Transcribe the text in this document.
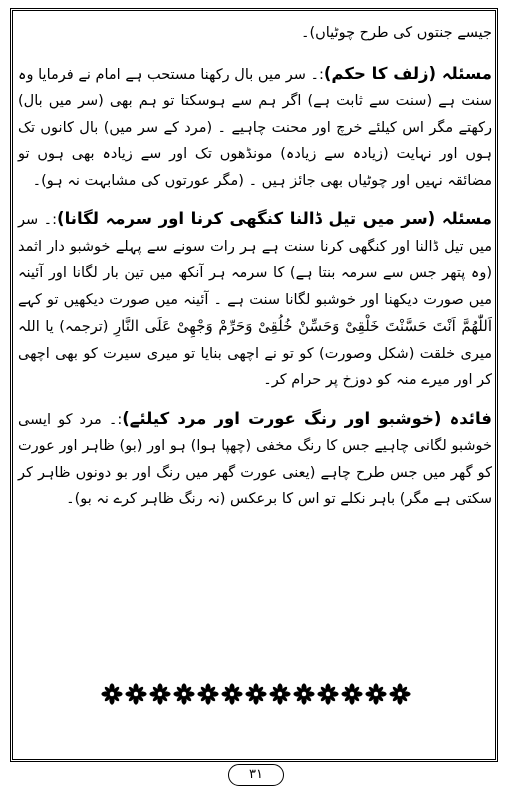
جیسے جنتوں کی طرح چوٹیاں)۔

مسئلہ (زلف کا حکم):۔ سر میں بال رکھنا مستحب ہے امام نے فرمایا وہ سنت ہے (سنت سے ثابت ہے) اگر ہم سے ہوسکتا تو ہم بھی (سر میں بال) رکھتے مگر اس کیلئے خرچ اور محنت چاہیے ۔ (مرد کے سر میں) بال کانوں تک ہوں اور نہایت (زیادہ سے زیادہ) مونڈھوں تک اور سے زیادہ بھی ہوں تو مضائقہ نہیں اور چوٹیاں بھی جائز ہیں ۔ (مگر عورتوں کی مشابہت نہ ہو)۔

مسئلہ (سر میں تیل ڈالنا کنگھی کرنا اور سرمہ لگانا):۔ سر میں تیل ڈالنا اور کنگھی کرنا سنت ہے ہر رات سونے سے پہلے خوشبو دار اثمد (وہ پتھر جس سے سرمہ بنتا ہے) کا سرمہ ہر آنکھ میں تین بار لگانا اور آئینہ میں صورت دیکھنا اور خوشبو لگانا سنت ہے ۔ آئینہ میں صورت دیکھیں تو کہے اَللّٰھُمَّ اَنْتَ حَسَّنْتَ خَلْقِیْ وَحَسِّنْ خُلُقِیْ وَحَرِّمْ وَجْھِیْ عَلَی النَّارِ (ترجمہ) یا اللہ میری خلقت (شکل وصورت) کو تو نے اچھی بنایا تو میری سیرت کو بھی اچھی کر اور میرے منہ کو دوزخ پر حرام کر۔

فائدہ (خوشبو اور رنگ عورت اور مرد کیلئے):۔ مرد کو ایسی خوشبو لگانی چاہیے جس کا رنگ مخفی (چھپا ہوا) ہو اور (بو) ظاہر اور عورت کو گھر میں جس طرح چاہے (یعنی عورت گھر میں رنگ اور بو دونوں ظاہر کر سکتی ہے مگر) باہر نکلے تو اس کا برعکس (نہ رنگ ظاہر کرے نہ بو)۔

۳۱
